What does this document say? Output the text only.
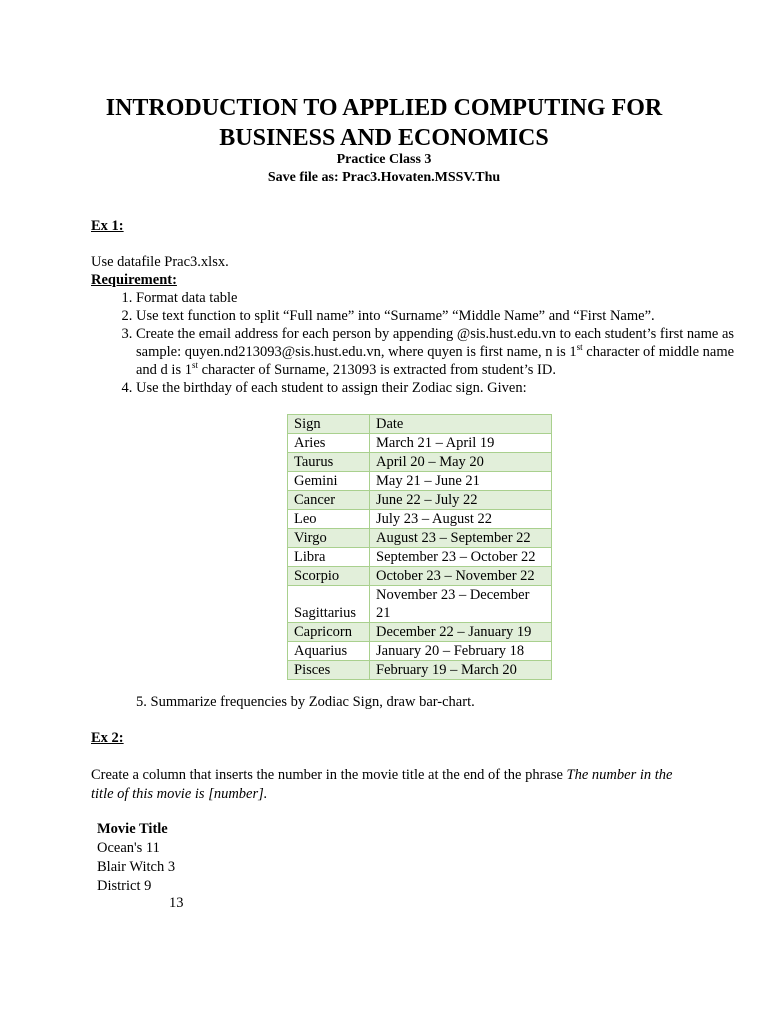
INTRODUCTION TO APPLIED COMPUTING FOR BUSINESS AND ECONOMICS

Practice Class 3

Save file as: Prac3.Hovaten.MSSV.Thu

Ex 1:

Use datafile Prac3.xlsx.

Requirement:

1. Format data table
2. Use text function to split “Full name” into “Surname” “Middle Name” and “First Name”.
3. Create the email address for each person by appending @sis.hust.edu.vn to each student’s first name as sample: quyen.nd213093@sis.hust.edu.vn, where quyen is first name, n is 1st character of middle name and d is 1st character of Surname, 213093 is extracted from student’s ID.
4. Use the birthday of each student to assign their Zodiac sign. Given:
Sign	Date
Aries	March 21 – April 19
Taurus	April 20 – May 20
Gemini	May 21 – June 21
Cancer	June 22 – July 22
Leo	July 23 – August 22
Virgo	August 23 – September 22
Libra	September 23 – October 22
Scorpio	October 23 – November 22
Sagittarius	November 23 – December 21
Capricorn	December 22 – January 19
Aquarius	January 20 – February 18
Pisces	February 19 – March 20

5. Summarize frequencies by Zodiac Sign, draw bar-chart.

Ex 2:

Create a column that inserts the number in the movie title at the end of the phrase The number in the title of this movie is [number].

Movie Title
Ocean's 11
Blair Witch 3
District 9

13
